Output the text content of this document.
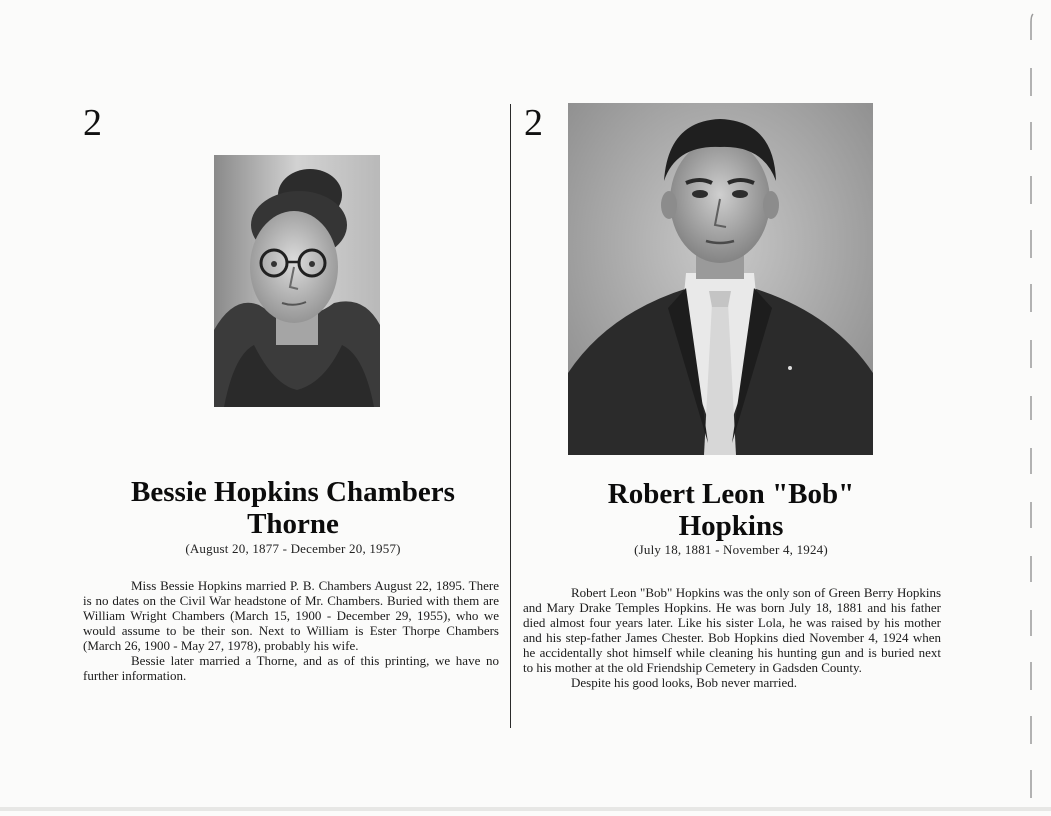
2
Bessie Hopkins Chambers
Thorne
(August 20, 1877 - December 20, 1957)

Miss Bessie Hopkins married P. B. Chambers August 22, 1895. There is no dates on the Civil War headstone of Mr. Chambers. Buried with them are William Wright Chambers (March 15, 1900 - December 29, 1955), who we would assume to be their son. Next to William is Ester Thorpe Chambers (March 26, 1900 - May 27, 1978), probably his wife.

Bessie later married a Thorne, and as of this printing, we have no further information.

2
Robert Leon "Bob"
Hopkins
(July 18, 1881 - November 4, 1924)

Robert Leon "Bob" Hopkins was the only son of Green Berry Hopkins and Mary Drake Temples Hopkins. He was born July 18, 1881 and his father died almost four years later. Like his sister Lola, he was raised by his mother and his step-father James Chester. Bob Hopkins died November 4, 1924 when he accidentally shot himself while cleaning his hunting gun and is buried next to his mother at the old Friendship Cemetery in Gadsden County.

Despite his good looks, Bob never married.
